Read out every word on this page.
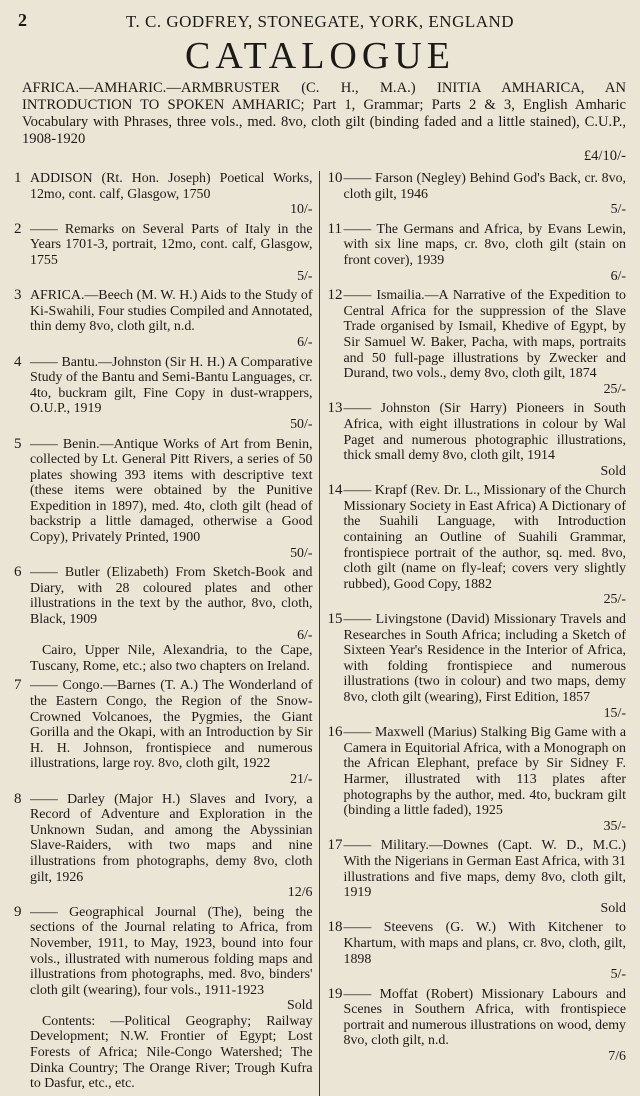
2	T. C. GODFREY, STONEGATE, YORK, ENGLAND
CATALOGUE
AFRICA.—AMHARIC.—ARMBRUSTER (C. H., M.A.) INITIA AMHARICA, AN INTRODUCTION TO SPOKEN AMHARIC; Part 1, Grammar; Parts 2 & 3, English Amharic Vocabulary with Phrases, three vols., med. 8vo, cloth gilt (binding faded and a little stained), C.U.P., 1908-1920
£4/10/-
1 ADDISON (Rt. Hon. Joseph) Poetical Works, 12mo, cont. calf, Glasgow, 1750
10/-
2 —— Remarks on Several Parts of Italy in the Years 1701-3, portrait, 12mo, cont. calf, Glasgow, 1755
5/-
3 AFRICA.—Beech (M. W. H.) Aids to the Study of Ki-Swahili, Four studies Compiled and Annotated, thin demy 8vo, cloth gilt, n.d.
6/-
4 —— Bantu.—Johnston (Sir H. H.) A Comparative Study of the Bantu and Semi-Bantu Languages, cr. 4to, buckram gilt, Fine Copy in dust-wrappers, O.U.P., 1919
50/-
5 —— Benin.—Antique Works of Art from Benin, collected by Lt. General Pitt Rivers, a series of 50 plates showing 393 items with descriptive text (these items were obtained by the Punitive Expedition in 1897), med. 4to, cloth gilt (head of backstrip a little damaged, otherwise a Good Copy), Privately Printed, 1900
50/-
6 —— Butler (Elizabeth) From Sketch-Book and Diary, with 28 coloured plates and other illustrations in the text by the author, 8vo, cloth, Black, 1909
6/-
Cairo, Upper Nile, Alexandria, to the Cape, Tuscany, Rome, etc.; also two chapters on Ireland.
7 —— Congo.—Barnes (T. A.) The Wonderland of the Eastern Congo, the Region of the Snow-Crowned Volcanoes, the Pygmies, the Giant Gorilla and the Okapi, with an Introduction by Sir H. H. Johnson, frontispiece and numerous illustrations, large roy. 8vo, cloth gilt, 1922
21/-
8 —— Darley (Major H.) Slaves and Ivory, a Record of Adventure and Exploration in the Unknown Sudan, and among the Abyssinian Slave-Raiders, with two maps and nine illustrations from photographs, demy 8vo, cloth gilt, 1926
12/6
9 —— Geographical Journal (The), being the sections of the Journal relating to Africa, from November, 1911, to May, 1923, bound into four vols., illustrated with numerous folding maps and illustrations from photographs, med. 8vo, binders' cloth gilt (wearing), four vols., 1911-1923
Sold
Contents: —Political Geography; Railway Development; N.W. Frontier of Egypt; Lost Forests of Africa; Nile-Congo Watershed; The Dinka Country; The Orange River; Trough Kufra to Dasfur, etc., etc.
10 —— Farson (Negley) Behind God's Back, cr. 8vo, cloth gilt, 1946
5/-
11 —— The Germans and Africa, by Evans Lewin, with six line maps, cr. 8vo, cloth gilt (stain on front cover), 1939
6/-
12 —— Ismailia.—A Narrative of the Expedition to Central Africa for the suppression of the Slave Trade organised by Ismail, Khedive of Egypt, by Sir Samuel W. Baker, Pacha, with maps, portraits and 50 full-page illustrations by Zwecker and Durand, two vols., demy 8vo, cloth gilt, 1874
25/-
13 —— Johnston (Sir Harry) Pioneers in South Africa, with eight illustrations in colour by Wal Paget and numerous photographic illustrations, thick small demy 8vo, cloth gilt, 1914
Sold
14 —— Krapf (Rev. Dr. L., Missionary of the Church Missionary Society in East Africa) A Dictionary of the Suahili Language, with Introduction containing an Outline of Suahili Grammar, frontispiece portrait of the author, sq. med. 8vo, cloth gilt (name on fly-leaf; covers very slightly rubbed), Good Copy, 1882
25/-
15 —— Livingstone (David) Missionary Travels and Researches in South Africa; including a Sketch of Sixteen Year's Residence in the Interior of Africa, with folding frontispiece and numerous illustrations (two in colour) and two maps, demy 8vo, cloth gilt (wearing), First Edition, 1857
15/-
16 —— Maxwell (Marius) Stalking Big Game with a Camera in Equitorial Africa, with a Monograph on the African Elephant, preface by Sir Sidney F. Harmer, illustrated with 113 plates after photographs by the author, med. 4to, buckram gilt (binding a little faded), 1925
35/-
17 —— Military.—Downes (Capt. W. D., M.C.) With the Nigerians in German East Africa, with 31 illustrations and five maps, demy 8vo, cloth gilt, 1919
Sold
18 —— Steevens (G. W.) With Kitchener to Khartum, with maps and plans, cr. 8vo, cloth, gilt, 1898
5/-
19 —— Moffat (Robert) Missionary Labours and Scenes in Southern Africa, with frontispiece portrait and numerous illustrations on wood, demy 8vo, cloth gilt, n.d.
7/6
